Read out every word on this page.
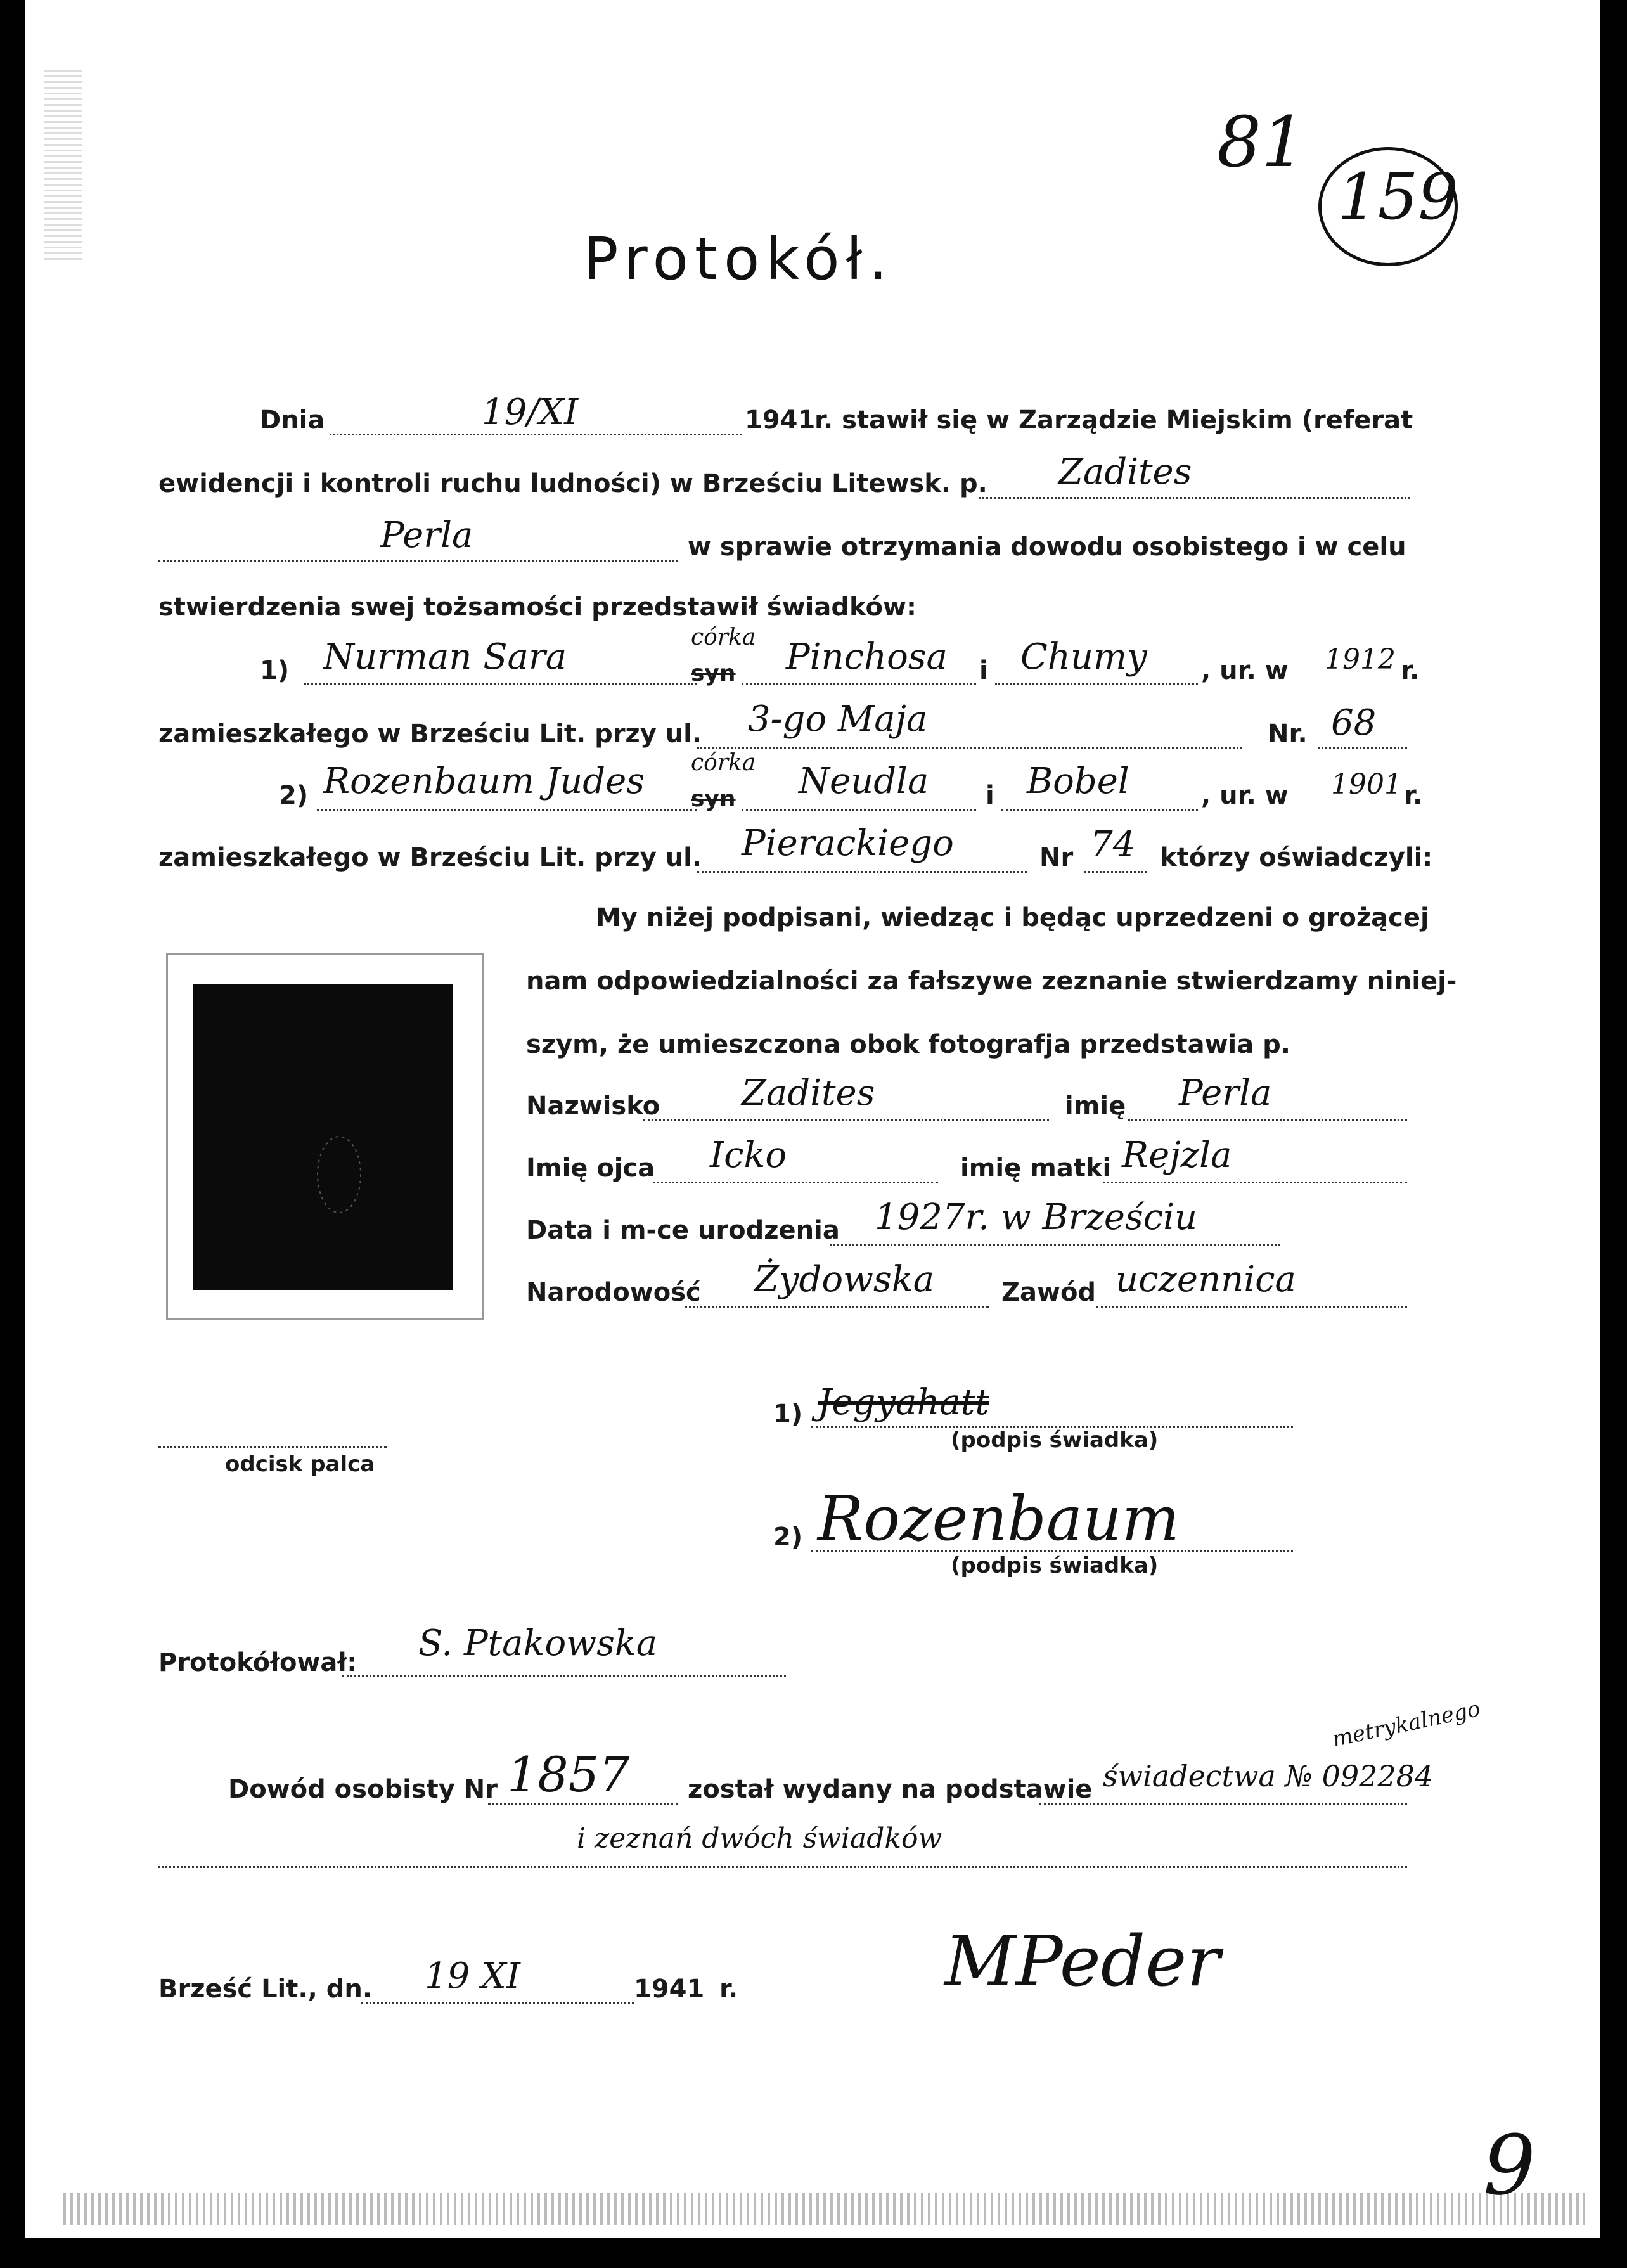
Protokół.
81
159
Dnia	19/XI	1941
r. stawił się w Zarządzie Miejskim (referat
ewidencji i kontroli ruchu ludności) w Brześciu Litewsk. p. Zadites
Perla	w sprawie otrzymania dowodu osobistego i w celu
stwierdzenia swej tożsamości przedstawił świadków:
1) Nurman Sara	syn
córka Pinchosa i Chumy , ur. w 1912 r.
zamieszkałego w Brześciu Lit. przy ul. 3-go Maja	Nr. 68
2) Rozenbaum Judes syn
córka Neudla i Bobel	, ur. w 1901 r.
zamieszkałego w Brześciu Lit. przy ul. Pierackiego	Nr 74 którzy oświadczyli:
My niżej podpisani, wiedząc i będąc uprzedzeni o grożącej
nam odpowiedzialności za fałszywe zeznanie stwierdzamy niniej-
szym, że umieszczona obok fotografja przedstawia p.
Nazwisko Zadites	imię Perla
Imię ojca Icko	imię matki Rejzla
Data i m-ce urodzenia 1927r. w Brześciu
Narodowość Żydowska	Zawód uczennica
odcisk palca
1) Jegyahatt
(podpis świadka)
2) Rozenbaum
(podpis świadka)
Protokółował: S. Ptakowska
Dowód osobisty Nr 1857 został wydany na podstawie świadectwa № 092284
metrykalnego
i zeznań dwóch świadków
Brześć Lit., dn. 19 XI	1941 r.	MPeder
9
